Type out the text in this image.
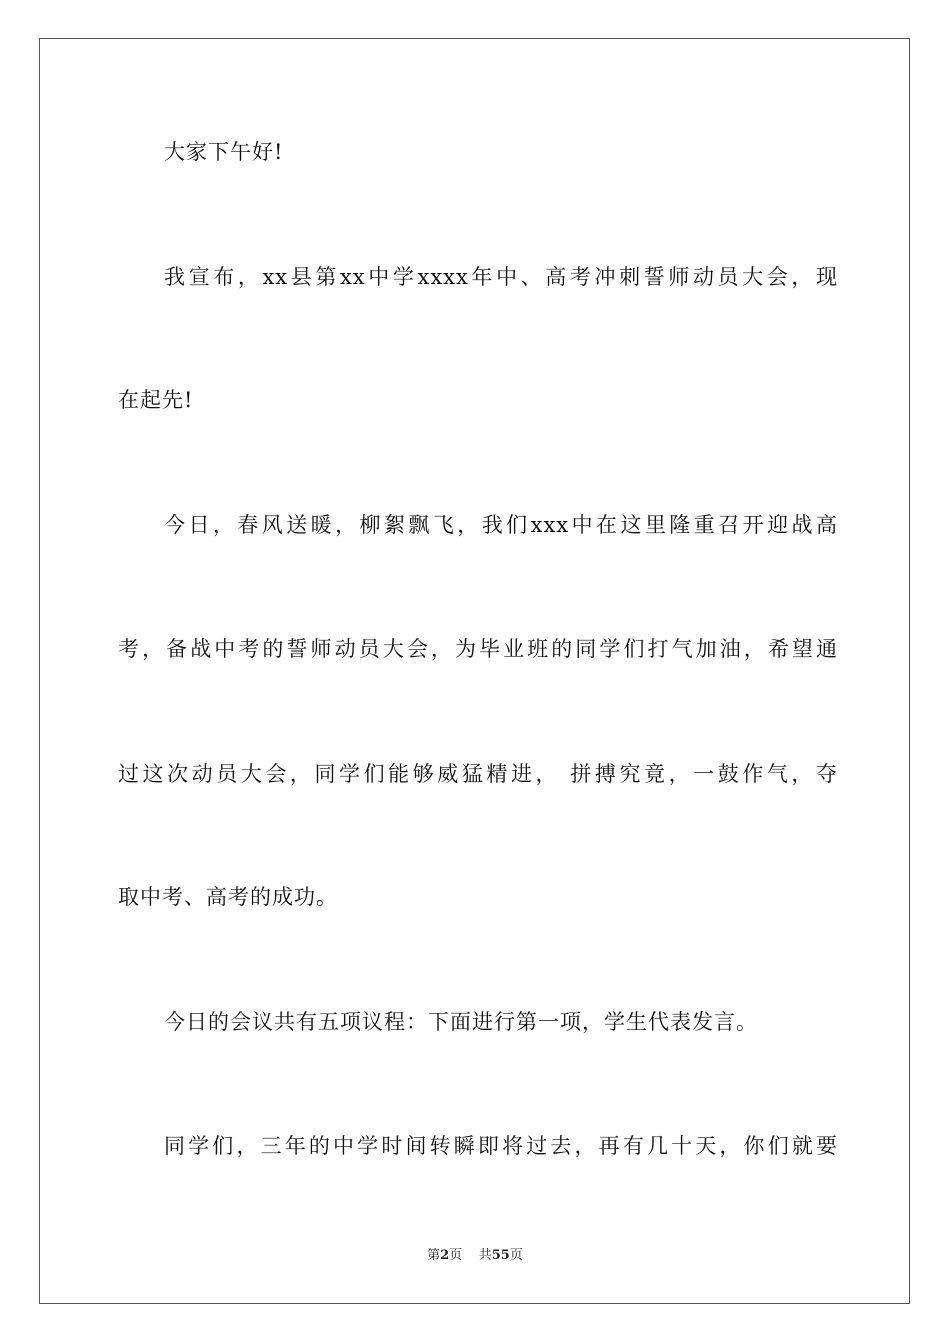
大家下午好!
我宣布，xx县第xx中学xxxx年中、高考冲刺誓师动员大会，现
在起先!
今日，春风送暖，柳絮飘飞，我们xxx中在这里隆重召开迎战高
考，备战中考的誓师动员大会，为毕业班的同学们打气加油，希望通
过这次动员大会，同学们能够威猛精进， 拼搏究竟，一鼓作气，夺
取中考、高考的成功。
今日的会议共有五项议程：下面进行第一项，学生代表发言。
同学们，三年的中学时间转瞬即将过去，再有几十天，你们就要
第2页 共55页
